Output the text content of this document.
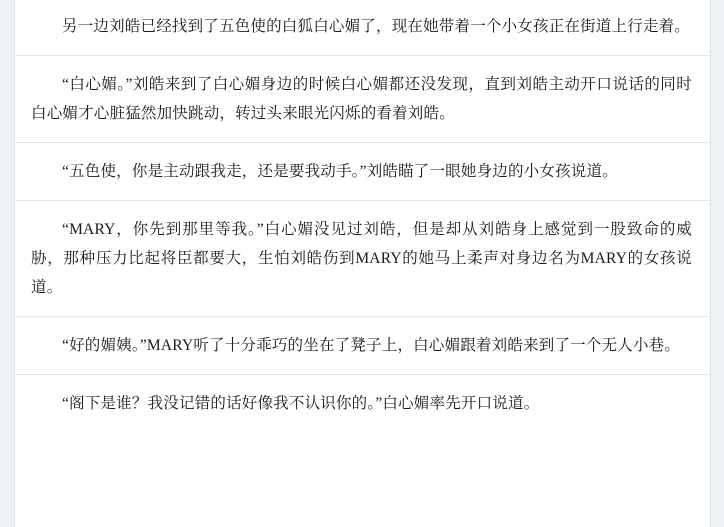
另一边刘皓已经找到了五色使的白狐白心媚了，现在她带着一个小女孩正在街道上行走着。

“白心媚。”刘皓来到了白心媚身边的时候白心媚都还没发现，直到刘皓主动开口说话的同时白心媚才心脏猛然加快跳动，转过头来眼光闪烁的看着刘皓。

“五色使，你是主动跟我走，还是要我动手。”刘皓瞄了一眼她身边的小女孩说道。

“MARY，你先到那里等我。”白心媚没见过刘皓，但是却从刘皓身上感觉到一股致命的威胁，那种压力比起将臣都要大，生怕刘皓伤到MARY的她马上柔声对身边名为MARY的女孩说道。

“好的媚姨。”MARY听了十分乖巧的坐在了凳子上，白心媚跟着刘皓来到了一个无人小巷。

“阁下是谁？我没记错的话好像我不认识你的。”白心媚率先开口说道。
